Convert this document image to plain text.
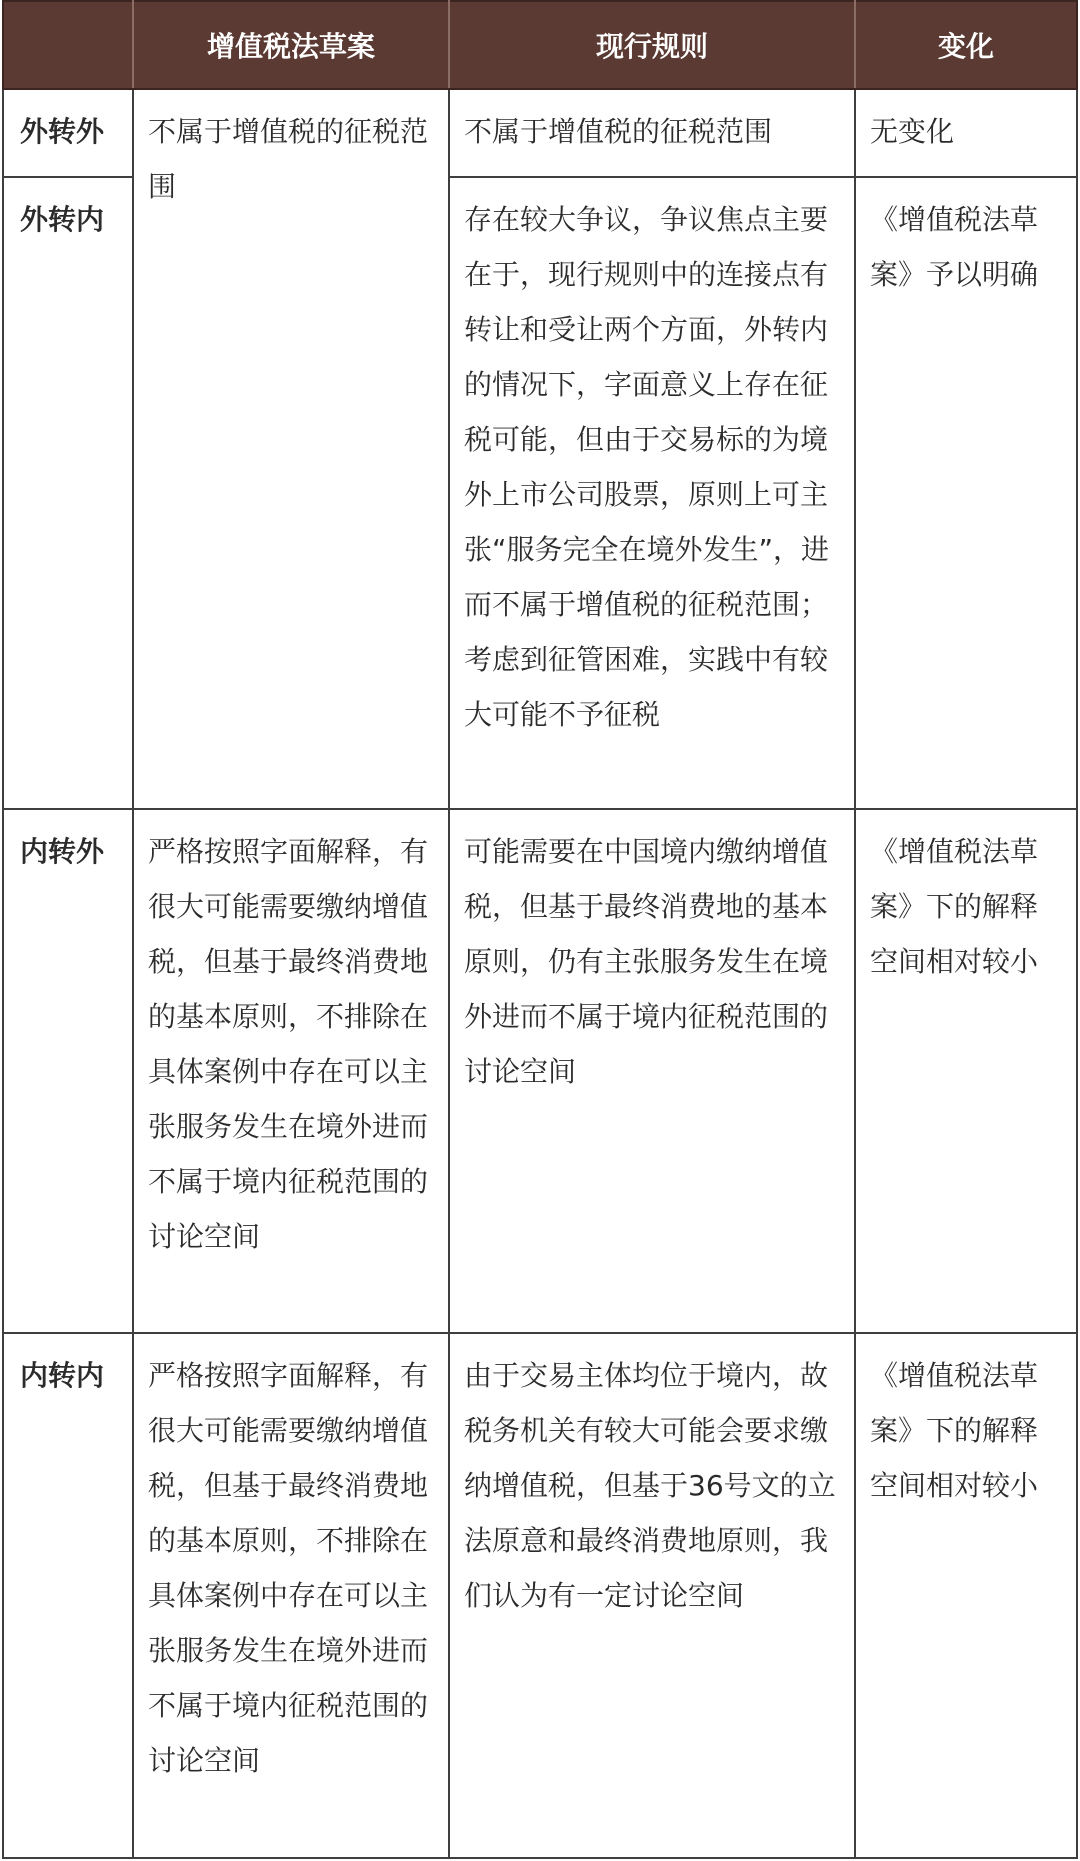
	增值税法草案	现行规则	变化
外转外	不属于增值税的征税范围	不属于增值税的征税范围	无变化
外转内		存在较大争议，争议焦点主要在于，现行规则中的连接点有转让和受让两个方面，外转内的情况下，字面意义上存在征税可能，但由于交易标的为境外上市公司股票，原则上可主张“服务完全在境外发生”，进而不属于增值税的征税范围；考虑到征管困难，实践中有较大可能不予征税	《增值税法草案》予以明确
内转外	严格按照字面解释，有很大可能需要缴纳增值税，但基于最终消费地的基本原则，不排除在具体案例中存在可以主张服务发生在境外进而不属于境内征税范围的讨论空间	可能需要在中国境内缴纳增值税，但基于最终消费地的基本原则，仍有主张服务发生在境外进而不属于境内征税范围的讨论空间	《增值税法草案》下的解释空间相对较小
内转内	严格按照字面解释，有很大可能需要缴纳增值税，但基于最终消费地的基本原则，不排除在具体案例中存在可以主张服务发生在境外进而不属于境内征税范围的讨论空间	由于交易主体均位于境内，故税务机关有较大可能会要求缴纳增值税，但基于36号文的立法原意和最终消费地原则，我们认为有一定讨论空间	《增值税法草案》下的解释空间相对较小
